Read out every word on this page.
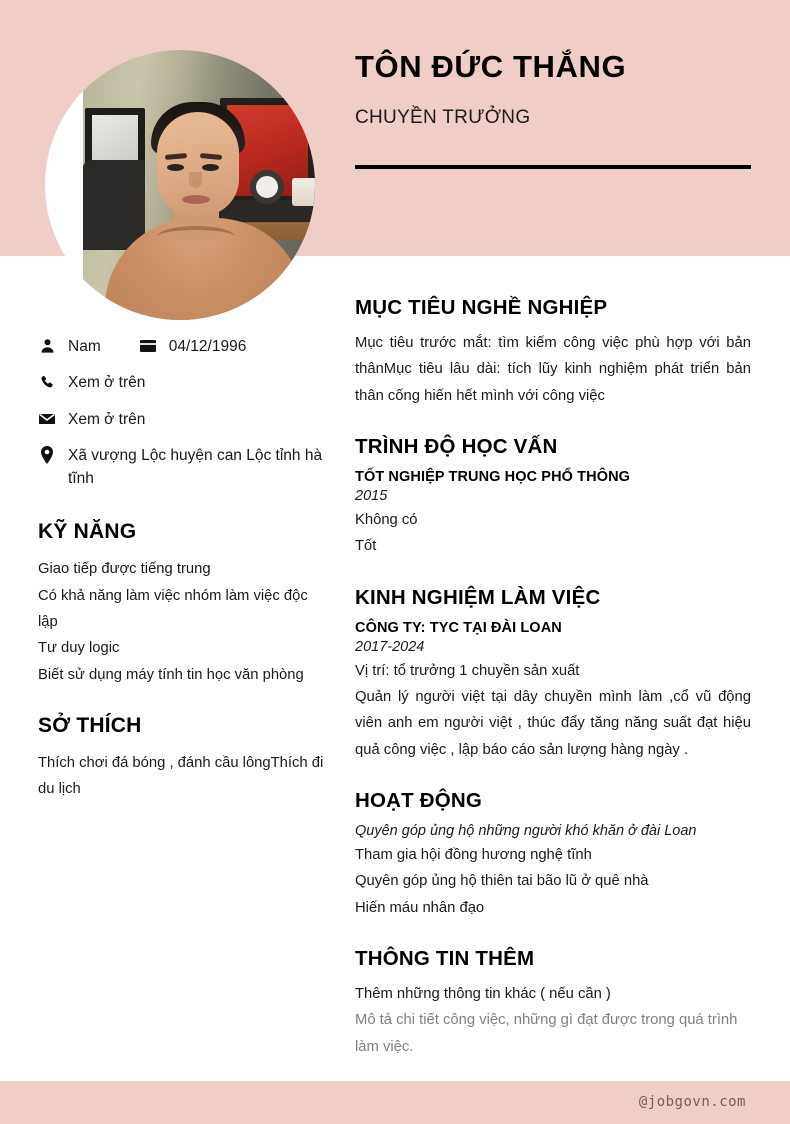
TÔN ĐỨC THẮNG
CHUYỀN TRƯỞNG
Nam	04/12/1996
Xem ở trên
Xem ở trên
Xã vượng Lộc huyện can Lộc tỉnh hà tĩnh
KỸ NĂNG
Giao tiếp được tiếng trung
Có khả năng làm việc nhóm làm việc độc lập
Tư duy logic
Biết sử dụng máy tính tin học văn phòng
SỞ THÍCH
Thích chơi đá bóng , đánh cầu lôngThích đi du lịch
MỤC TIÊU NGHỀ NGHIỆP
Mục tiêu trước mắt: tìm kiếm công việc phù hợp với bản thânMục tiêu lâu dài: tích lũy kinh nghiệm phát triển bản thân cống hiến hết mình với công việc
TRÌNH ĐỘ HỌC VẤN
TỐT NGHIỆP TRUNG HỌC PHỔ THÔNG
2015
Không có
Tốt
KINH NGHIỆM LÀM VIỆC
CÔNG TY: TYC TẠI ĐÀI LOAN
2017-2024
Vị trí: tổ trưởng 1 chuyền sản xuất
Quản lý người việt tại dây chuyền mình làm ,cổ vũ động viên anh em người việt , thúc đẩy tăng năng suất đạt hiệu quả công việc , lập báo cáo sản lượng hàng ngày .
HOẠT ĐỘNG
Quyên góp ủng hộ những người khó khăn ở đài Loan
Tham gia hội đồng hương nghệ tĩnh
Quyên góp ủng hộ thiên tai bão lũ ở quê nhà
Hiến máu nhân đạo
THÔNG TIN THÊM
Thêm những thông tin khác ( nếu cần )
Mô tả chi tiết công việc, những gì đạt được trong quá trình làm việc.
@jobgovn.com
